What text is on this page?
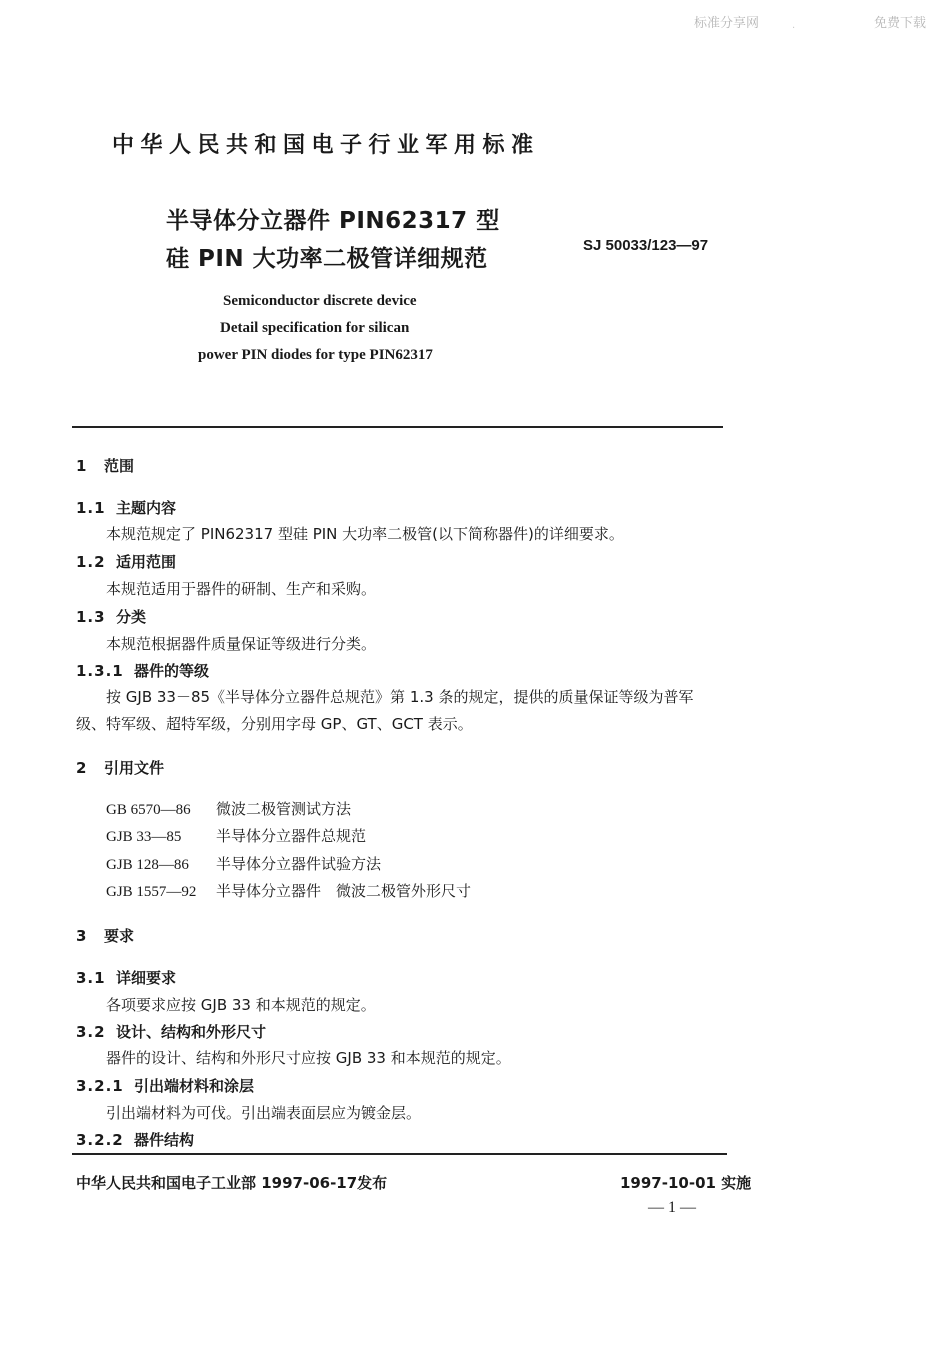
标准分享网	.	免费下载
中华人民共和国电子行业军用标准
半导体分立器件 PIN62317 型
硅 PIN 大功率二极管详细规范
SJ 50033/123—97
Semiconductor discrete device
Detail specification for silican
power PIN diodes for type PIN62317
1 范围
1.1 主题内容
本规范规定了 PIN62317 型硅 PIN 大功率二极管(以下简称器件)的详细要求。
1.2 适用范围
本规范适用于器件的研制、生产和采购。
1.3 分类
本规范根据器件质量保证等级进行分类。
1.3.1 器件的等级
按 GJB 33－85《半导体分立器件总规范》第 1.3 条的规定，提供的质量保证等级为普军
级、特军级、超特军级，分别用字母 GP、GT、GCT 表示。
2 引用文件
GB 6570—86 微波二极管测试方法
GJB 33—85 半导体分立器件总规范
GJB 128—86 半导体分立器件试验方法
GJB 1557—92 半导体分立器件　微波二极管外形尺寸
3 要求
3.1 详细要求
各项要求应按 GJB 33 和本规范的规定。
3.2 设计、结构和外形尺寸
器件的设计、结构和外形尺寸应按 GJB 33 和本规范的规定。
3.2.1 引出端材料和涂层
引出端材料为可伐。引出端表面层应为镀金层。
3.2.2 器件结构
中华人民共和国电子工业部 1997-06-17发布	1997-10-01 实施
— 1 —
